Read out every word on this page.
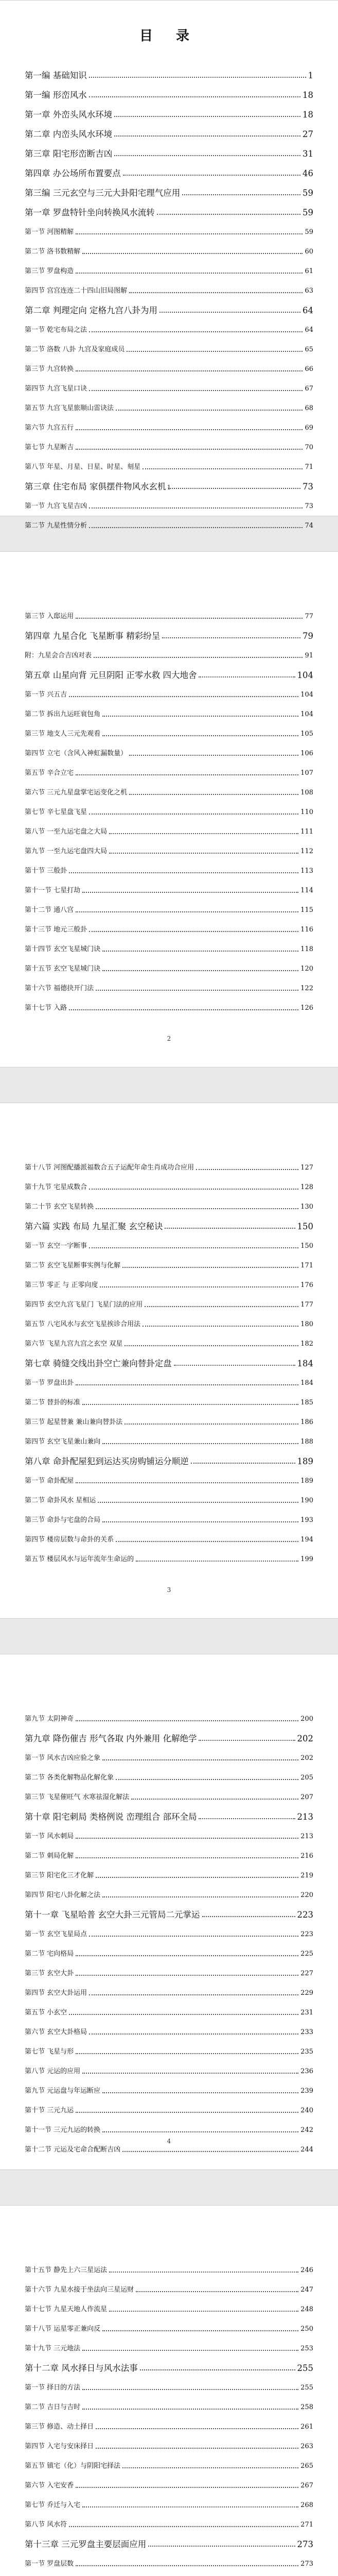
目 录
第一编 基础知识	1
第一编 形峦风水	18
第一章 外峦头风水环境	18
第二章 内峦头风水环境	27
第三章 阳宅形峦断吉凶	31
第四章 办公场所布置要点	46
第三编 三元玄空与三元大卦阳宅理气应用	59
第一章 罗盘特针坐向转换风水流转	59
第一节 河图精解	59
第二节 洛书数精解	60
第三节 罗盘构造	61
第四节 宫宫连连二十四山旧局图解	63
第二章 判理定向 定格九宫八卦为用	64
第一节 乾宅布局之法	64
第二节 洛数 八卦 九宫及家庭成员	65
第三节 九宫转换	66
第四节 九宫飞星口诀	67
第五节 九宫飞星旅顺山雷诀法	68
第六节 九宫五行	69
第七节 九星断吉	70
第八节 年星、月星、日星、时星、刻星	71
第三章 住宅布局 家俱摆件物风水玄机	73
第一节 九宫飞星吉凶	73
第二节 九星性情分析	74
1
第三节 入邸运用	77
第四章 九星合化 飞星断事 精彩纷呈	79
附：九星会合吉凶对表	91
第五章 山星向背 元旦阴阳 正零水救 四大地舍	104
第一节 兴五吉	104
第二节 拆出九运旺衰包角	104
第三节 地支人三元先观看	105
第四节 立宅（含风入神虹漏数量）	106
第五节 辛合立宅	107
第六节 三元九星盘掌宅运变化之机	108
第七节 辛七星盘飞星	110
第八节 一至九运宅盘之大局	111
第九节 一至九运宅盘四大局	112
第十节 三般卦	113
第十一节 七星打劫	114
第十二节 通八宫	115
第十三节 地元三般卦	116
第十四节 玄空飞星城门诀	118
第十五节 玄空飞星城门诀	120
第十六节 福德抉开门法	122
第十七节 入路	126
2
第十八节 河图配播派福数合五子运配年命生肖成功合应用	127
第十九节 宅星成数合	128
第二十节 玄空飞星转换	130
第六篇 实践 布局 九星汇聚 玄空秘诀	150
第一节 玄空一字断事	150
第二节 玄空飞星断事实例与化解	171
第三节 零正 与 正零向度	176
第四节 玄空九宫飞星门 飞星门法的应用	177
第五节 八宅风水与玄空飞星挨诊合用法	180
第六节 飞星九宫九宫之玄空 双星	182
第七章 骑缝交线出卦空亡兼向替卦定盘	184
第一节 罗盘出卦	184
第二节 替卦的标准	185
第三节 起星替兼 兼山兼向替卦法	186
第四节 玄空飞星兼山兼向	188
第八章 命卦配屋犯到运达买房购铺运分顺逆	189
第一节 命卦配屋	189
第二节 命卦风水 星相运	190
第三节 命卦与宅盘的合局	193
第四节 楼房层数与命卦的关系	194
第五节 楼层风水与运年流年生命运的	199
3
第九节 太阴神奇	200
第九章 降伤催吉 形气各取 内外兼用 化解绝学	202
第一节 风水吉凶应验之象	202
第二节 各类化解物品化解化象	205
第三节 飞星催旺气 水寒祛湿化解法	207
第十章 阳宅刺局 类格例说 峦理组合 部环全局	213
第一节 风水刺局	213
第二节 刺局化解	216
第三节 阳宅化三才化解	219
第四节 阳宅八卦化解之法	220
第十一章 飞星哈普 玄空大卦三元管局二元掌运	223
第一节 玄空飞星局点	223
第二节 宅向格局	225
第三节 玄空大卦	227
第四节 玄空大卦运用	229
第五节 小玄空	231
第六节 玄空大卦格局	233
第七节 飞星与形	235
第八节 元运的应用	236
第九节 元运盘与年运断应	239
第十节 三元九运	240
第十一节 三元九运的转换	242
第十二节 元运及宅命合配断吉凶	244
4
第十五节 静先上六三星运法	246
第十六节 九星水接于坐法向三星运财	247
第十七节 九星天地人作流星	248
第十八节 运星零正兼向反	250
第十九节 三元地法	253
第十二章 风水择日与风水法事	255
第一节 择日的方法	255
第二节 吉日与吉时	258
第三节 修造、动土择日	261
第四节 入宅与安床择日	263
第五节 镇宅（化）与阴阳宅择法	265
第六节 入宅安香	267
第七节 乔迁与入宅	268
第八节 风水符	271
第十三章 三元罗盘主要层面应用	273
第一节 罗盘层数	273
